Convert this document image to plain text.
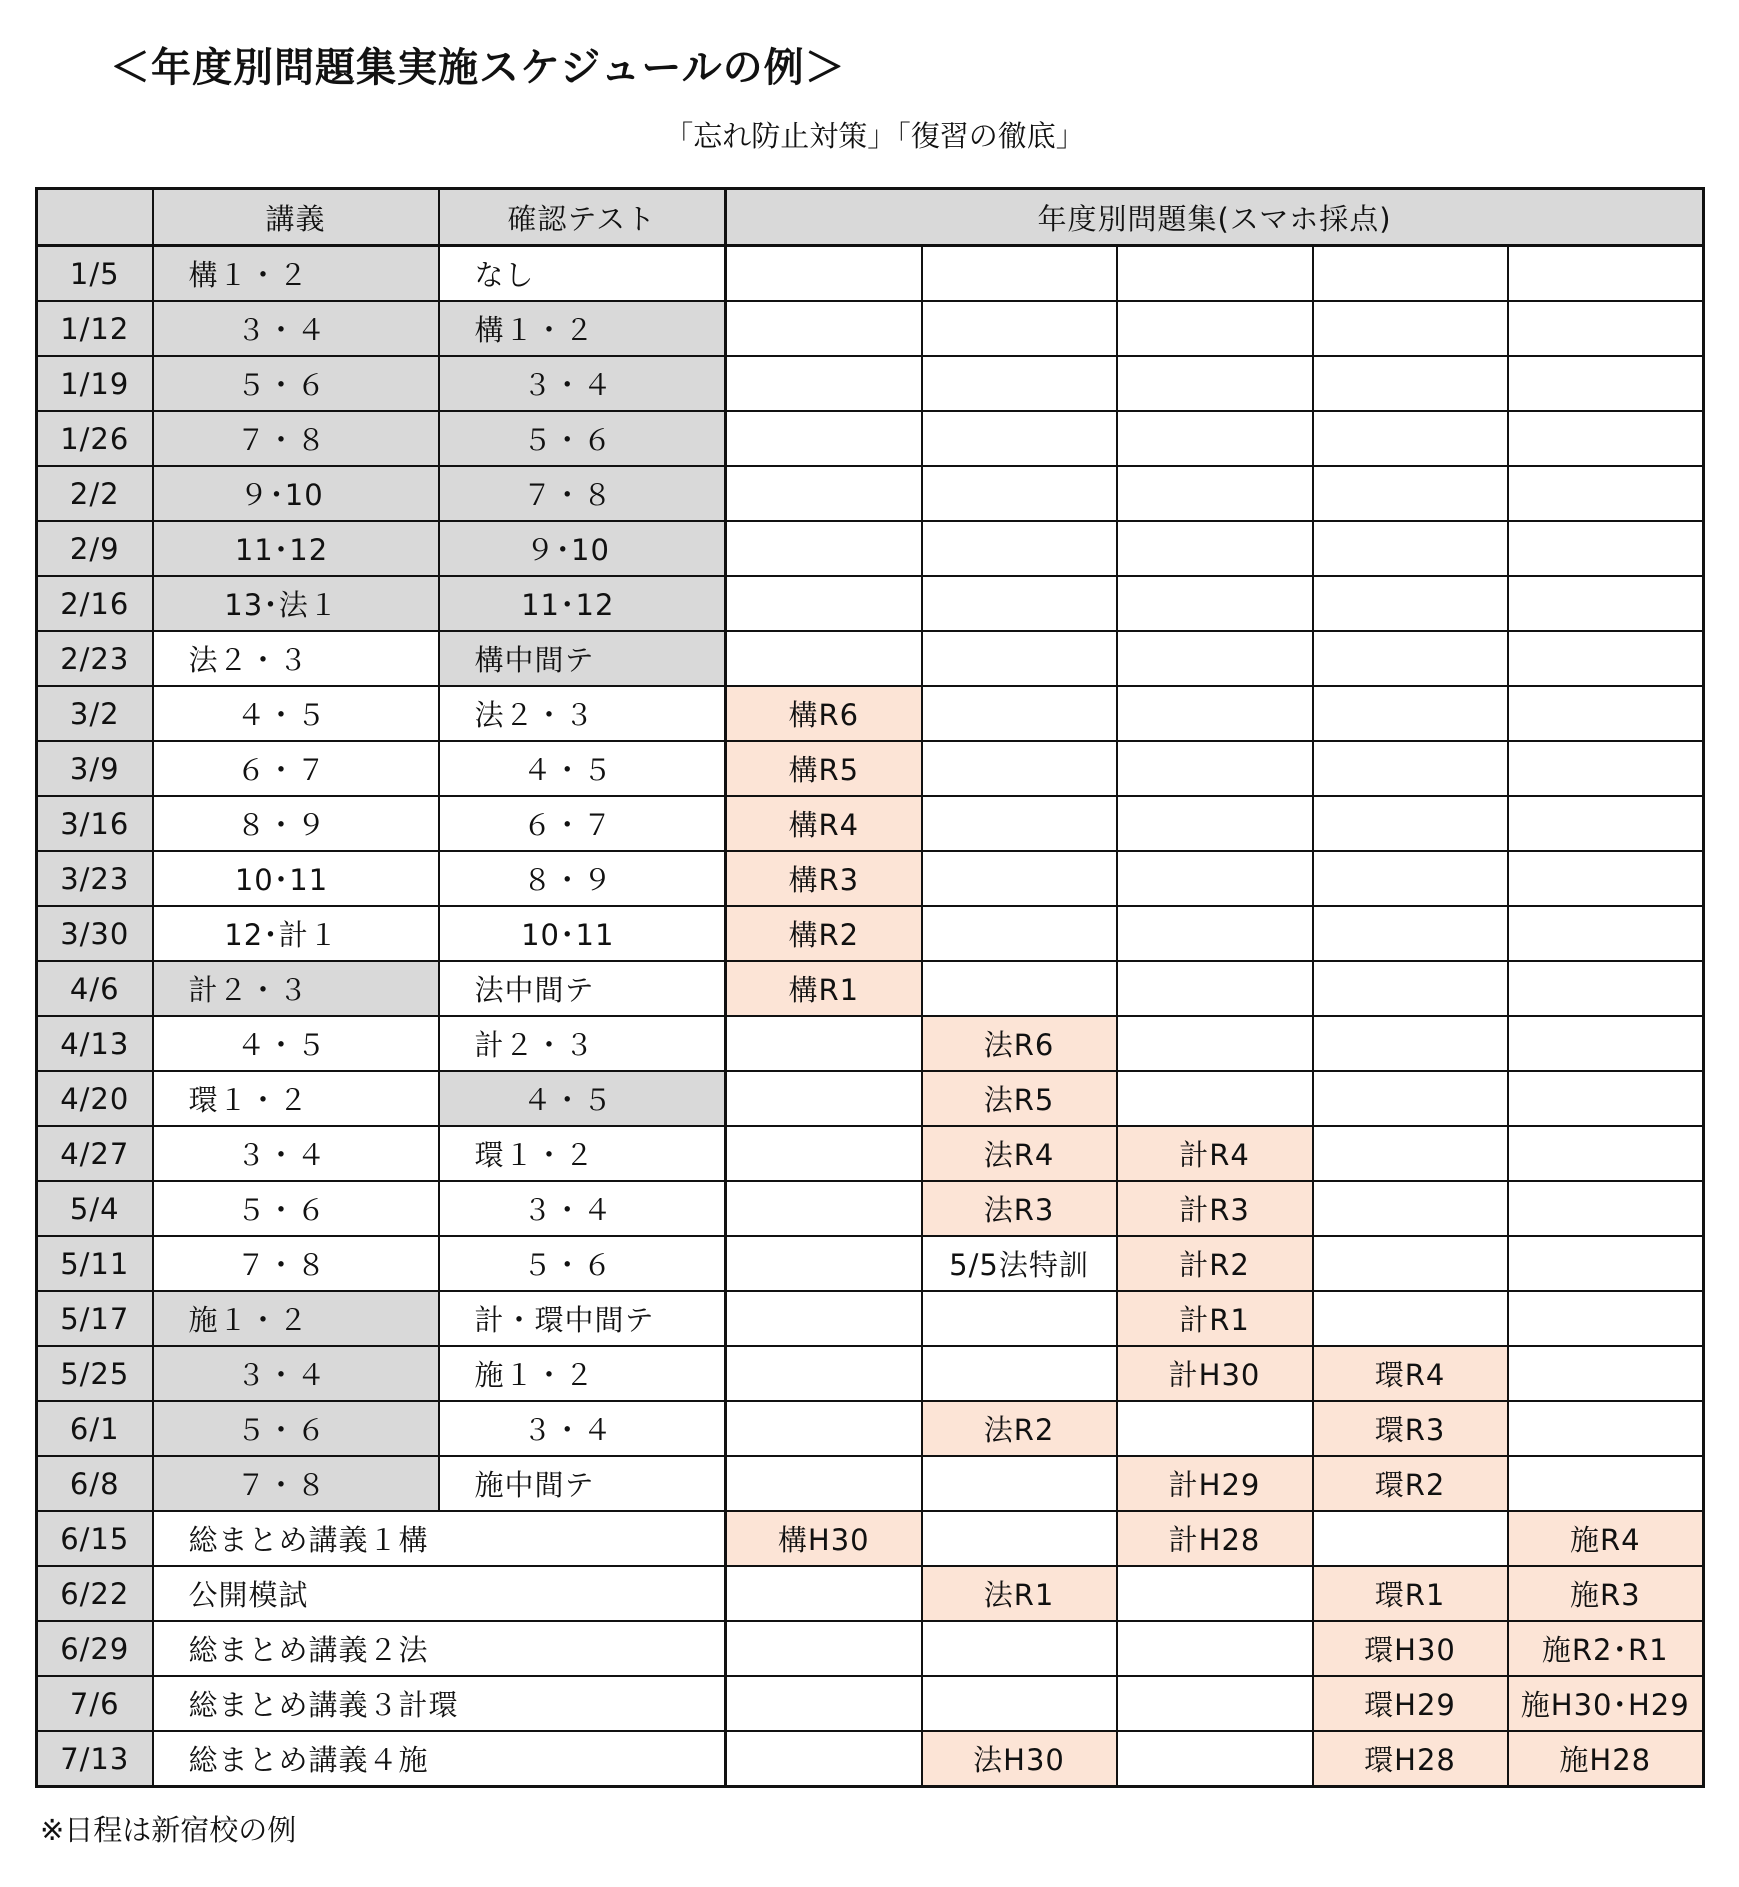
＜年度別問題集実施スケジュールの例＞
「忘れ防止対策」「復習の徹底」
	講義	確認テスト	年度別問題集(スマホ採点)				
1/5	構１・２	なし					
1/12	３・４	構１・２					
1/19	５・６	３・４					
1/26	７・８	５・６					
2/2	９･10	７・８					
2/9	11･12	９･10					
2/16	13･法１	11･12					
2/23	法２・３	構中間テ					
3/2	４・５	法２・３	構R6				
3/9	６・７	４・５	構R5				
3/16	８・９	６・７	構R4				
3/23	10･11	８・９	構R3				
3/30	12･計１	10･11	構R2				
4/6	計２・３	法中間テ	構R1				
4/13	４・５	計２・３		法R6			
4/20	環１・２	４・５		法R5			
4/27	３・４	環１・２		法R4	計R4		
5/4	５・６	３・４		法R3	計R3		
5/11	７・８	５・６		5/5法特訓	計R2		
5/17	施１・２	計・環中間テ			計R1		
5/25	３・４	施１・２			計H30	環R4	
6/1	５・６	３・４		法R2		環R3	
6/8	７・８	施中間テ			計H29	環R2	
6/15	総まとめ講義１構		構H30		計H28		施R4
6/22	公開模試			法R1		環R1	施R3
6/29	総まとめ講義２法					環H30	施R2･R1
7/6	総まとめ講義３計環					環H29	施H30･H29
7/13	総まとめ講義４施			法H30		環H28	施H28
※日程は新宿校の例
